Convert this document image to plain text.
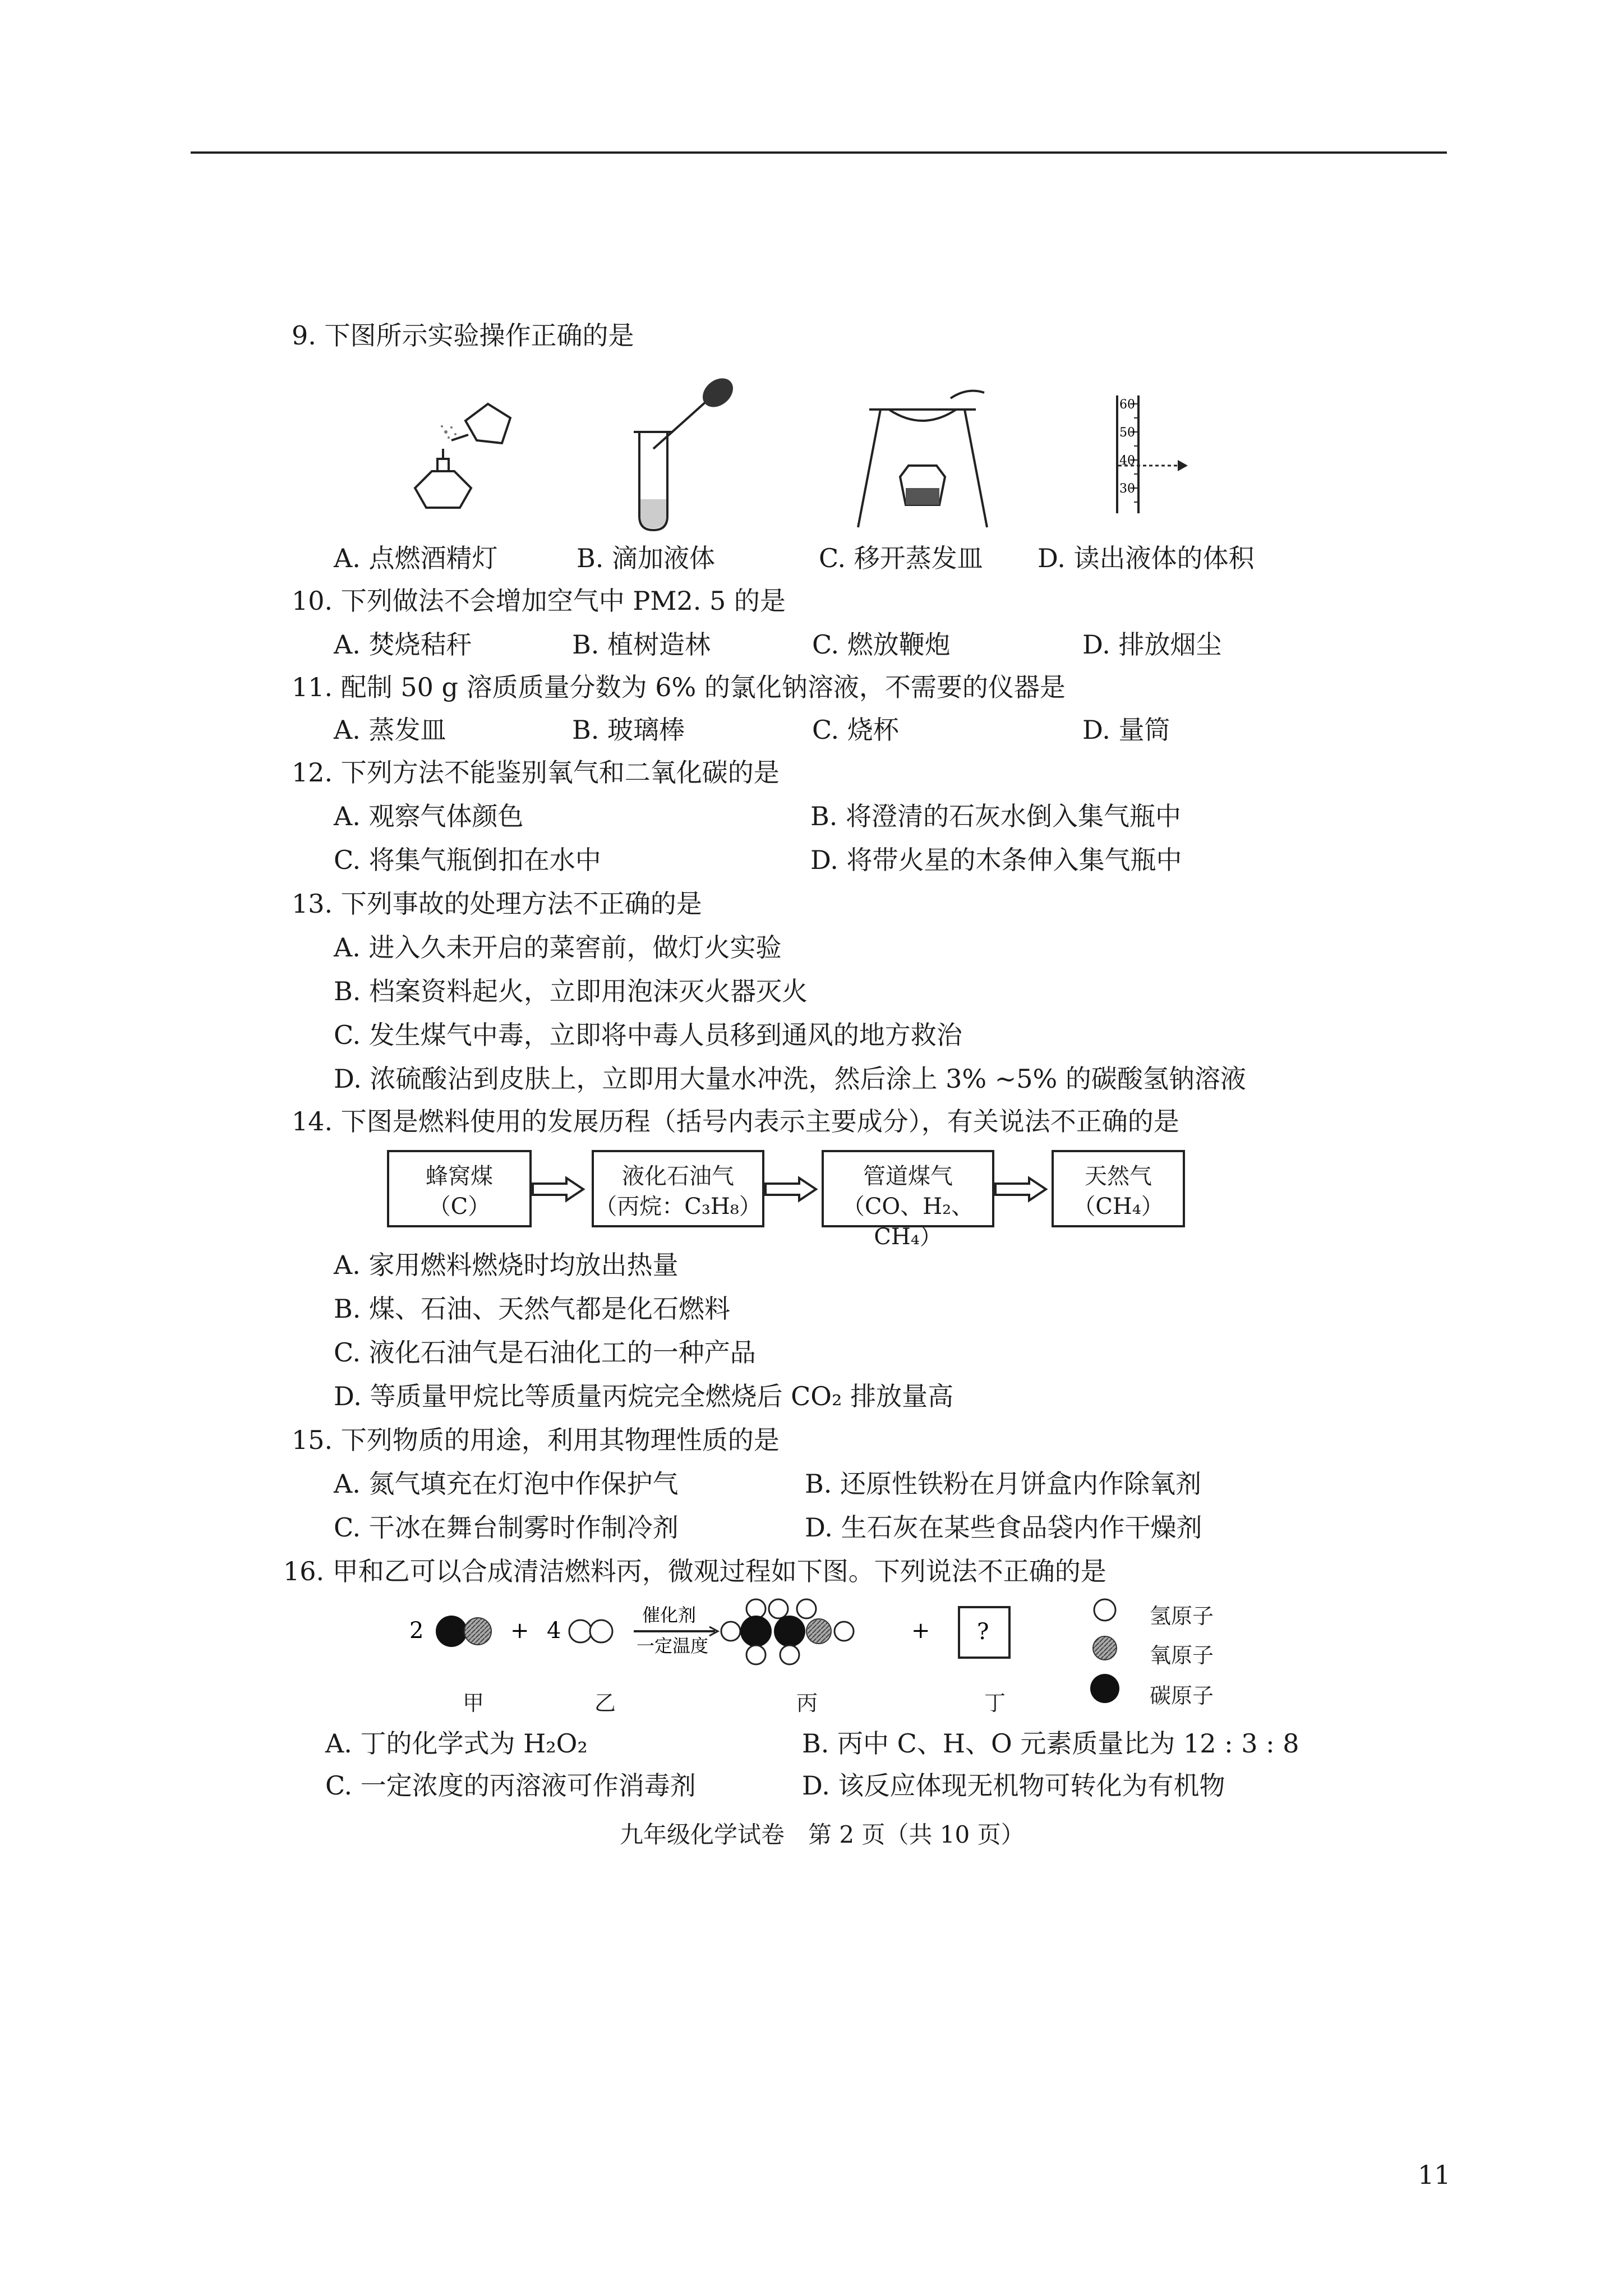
9. 下图所示实验操作正确的是
60
50
40
30
A. 点燃酒精灯	B. 滴加液体	C. 移开蒸发皿 D. 读出液体的体积
10. 下列做法不会增加空气中 PM2. 5 的是
A. 焚烧秸秆	B. 植树造林	C. 燃放鞭炮	D. 排放烟尘
11. 配制 50 g 溶质质量分数为 6% 的氯化钠溶液，不需要的仪器是
A. 蒸发皿	B. 玻璃棒	C. 烧杯	D. 量筒
12. 下列方法不能鉴别氧气和二氧化碳的是
A. 观察气体颜色	B. 将澄清的石灰水倒入集气瓶中
C. 将集气瓶倒扣在水中	D. 将带火星的木条伸入集气瓶中
13. 下列事故的处理方法不正确的是
A. 进入久未开启的菜窖前，做灯火实验
B. 档案资料起火，立即用泡沫灭火器灭火
C. 发生煤气中毒，立即将中毒人员移到通风的地方救治
D. 浓硫酸沾到皮肤上，立即用大量水冲洗，然后涂上 3% ~5% 的碳酸氢钠溶液
14. 下图是燃料使用的发展历程（括号内表示主要成分），有关说法不正确的是
蜂窝煤
（C）
液化石油气
（丙烷：C₃H₈）
管道煤气
（CO、H₂、CH₄）
天然气
（CH₄）
A. 家用燃料燃烧时均放出热量
B. 煤、石油、天然气都是化石燃料
C. 液化石油气是石油化工的一种产品
D. 等质量甲烷比等质量丙烷完全燃烧后 CO₂ 排放量高
15. 下列物质的用途，利用其物理性质的是
A. 氮气填充在灯泡中作保护气	B. 还原性铁粉在月饼盒内作除氧剂
C. 干冰在舞台制雾时作制冷剂	D. 生石灰在某些食品袋内作干燥剂
16. 甲和乙可以合成清洁燃料丙，微观过程如下图。下列说法不正确的是
2	+ 4
催化剂
一定温度
+ ?
氢原子
氧原子
碳原子
甲	乙	丙	丁
A. 丁的化学式为 H₂O₂	B. 丙中 C、H、O 元素质量比为 12 : 3 : 8
C. 一定浓度的丙溶液可作消毒剂	D. 该反应体现无机物可转化为有机物
九年级化学试卷　第 2 页（共 10 页）
11
